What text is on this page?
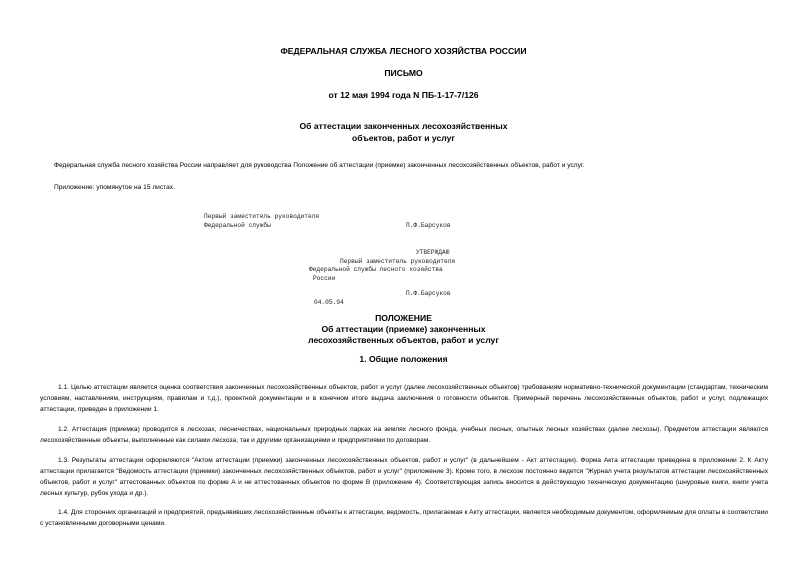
ФЕДЕРАЛЬНАЯ СЛУЖБА ЛЕСНОГО ХОЗЯЙСТВА РОССИИ

ПИСЬМО

от 12 мая 1994 года N ПБ-1-17-7/126

Об аттестации законченных лесохозяйственных

объектов, работ и услуг

Федеральная служба лесного хозяйства России направляет для руководства Положение об аттестации (приемке) законченных лесохозяйственных объектов, работ и услуг.

Приложение: упомянутое на 15 листах.

Первый заместитель руководителя

Федеральной службы	П.Ф.Барсуков

УТВЕРЖДАЮ

Первый заместитель руководителя

Федеральной службы лесного хозяйства

России

П.Ф.Барсуков

04.05.94

ПОЛОЖЕНИЕ

Об аттестации (приемке) законченных

лесохозяйственных объектов, работ и услуг

1. Общие положения

1.1. Целью аттестации является оценка соответствия законченных лесохозяйственных объектов, работ и услуг (далее лесохозяйственных объектов) требованиям нормативно-технической документации (стандартам, техническим условиям, наставлениям, инструкциям, правилам и т.д.), проектной документации и в конечном итоге выдача заключения о готовности объектов. Примерный перечень лесохозяйственных объектов, работ и услуг, подлежащих аттестации, приведен в приложении 1.

1.2. Аттестация (приемка) проводится в лесхозах, лесничествах, национальных природных парках на землях лесного фонда, учебных лесных, опытных лесных хозяйствах (далее лесхозы). Предметом аттестации являются лесохозяйственные объекты, выполненные как силами лесхоза, так и другими организациями и предприятиями по договорам.

1.3. Результаты аттестации оформляются "Актом аттестации (приемки) законченных лесохозяйственных объектов, работ и услуг" (в дальнейшем - Акт аттестации). Форма Акта аттестации приведена в приложении 2. К Акту аттестации прилагается "Ведомость аттестации (приемки) законченных лесохозяйственных объектов, работ и услуг" (приложение 3). Кроме того, в лесхозе постоянно ведется "Журнал учета результатов аттестации лесохозяйственных объектов, работ и услуг" аттестованных объектов по форме А и не аттестованных объектов по форме В (приложение 4). Соответствующая запись вносится в действующую техническую документацию (шнуровые книги, книги учета лесных культур, рубок ухода и др.).

1.4. Для сторонних организаций и предприятий, предъявивших лесохозяйственные объекты к аттестации, ведомость, прилагаемая к Акту аттестации, является необходимым документом, оформляемым для оплаты в соответствии с установленными договорными ценами.
